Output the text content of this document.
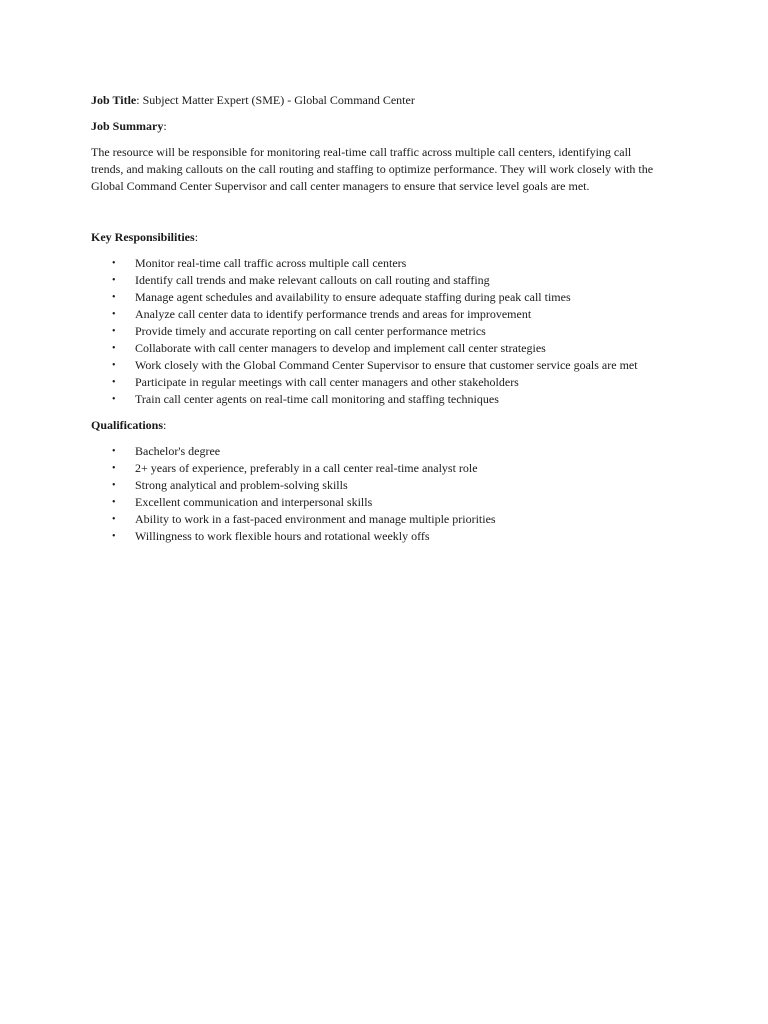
Job Title: Subject Matter Expert (SME) - Global Command Center

Job Summary:

The resource will be responsible for monitoring real-time call traffic across multiple call centers, identifying call trends, and making callouts on the call routing and staffing to optimize performance. They will work closely with the Global Command Center Supervisor and call center managers to ensure that service level goals are met.

Key Responsibilities:

• Monitor real-time call traffic across multiple call centers
• Identify call trends and make relevant callouts on call routing and staffing
• Manage agent schedules and availability to ensure adequate staffing during peak call times
• Analyze call center data to identify performance trends and areas for improvement
• Provide timely and accurate reporting on call center performance metrics
• Collaborate with call center managers to develop and implement call center strategies
• Work closely with the Global Command Center Supervisor to ensure that customer service goals are met
• Participate in regular meetings with call center managers and other stakeholders
• Train call center agents on real-time call monitoring and staffing techniques

Qualifications:

• Bachelor's degree
• 2+ years of experience, preferably in a call center real-time analyst role
• Strong analytical and problem-solving skills
• Excellent communication and interpersonal skills
• Ability to work in a fast-paced environment and manage multiple priorities
• Willingness to work flexible hours and rotational weekly offs
